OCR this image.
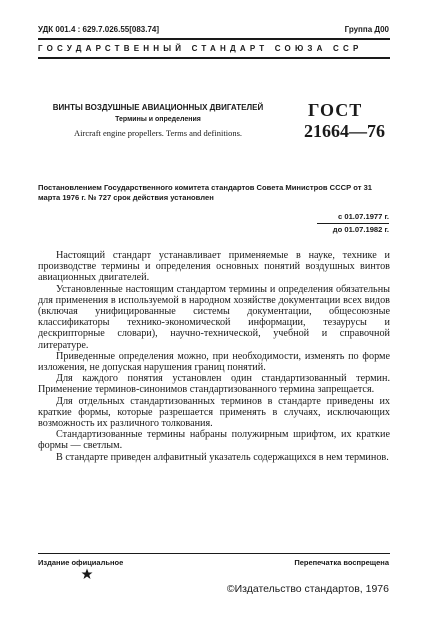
УДК 001.4 : 629.7.026.55[083.74]	Группа Д00
ГОСУДАРСТВЕННЫЙ СТАНДАРТ СОЮЗА ССР
ВИНТЫ ВОЗДУШНЫЕ АВИАЦИОННЫХ ДВИГАТЕЛЕЙ
Термины и определения
Aircraft engine propellers. Terms and definitions.
ГОСТ
21664—76
Постановлением Государственного комитета стандартов Совета Министров СССР от 31 марта 1976 г. № 727 срок действия установлен
с 01.07.1977 г.
до 01.07.1982 г.

Настоящий стандарт устанавливает применяемые в науке, технике и производстве термины и определения основных понятий воздушных винтов авиационных двигателей.

Установленные настоящим стандартом термины и определения обязательны для применения в используемой в народном хозяйстве документации всех видов (включая унифицированные системы документации, общесоюзные классификаторы технико-экономической информации, тезаурусы и дескрипторные словари), научно-технической, учебной и справочной литературе.

Приведенные определения можно, при необходимости, изменять по форме изложения, не допуская нарушения границ понятий.

Для каждого понятия установлен один стандартизованный термин. Применение терминов-синонимов стандартизованного термина запрещается.

Для отдельных стандартизованных терминов в стандарте приведены их краткие формы, которые разрешается применять в случаях, исключающих возможность их различного толкования.

Стандартизованные термины набраны полужирным шрифтом, их краткие формы — светлым.

В стандарте приведен алфавитный указатель содержащихся в нем терминов.

Издание официальное	Перепечатка воспрещена
©Издательство стандартов, 1976
